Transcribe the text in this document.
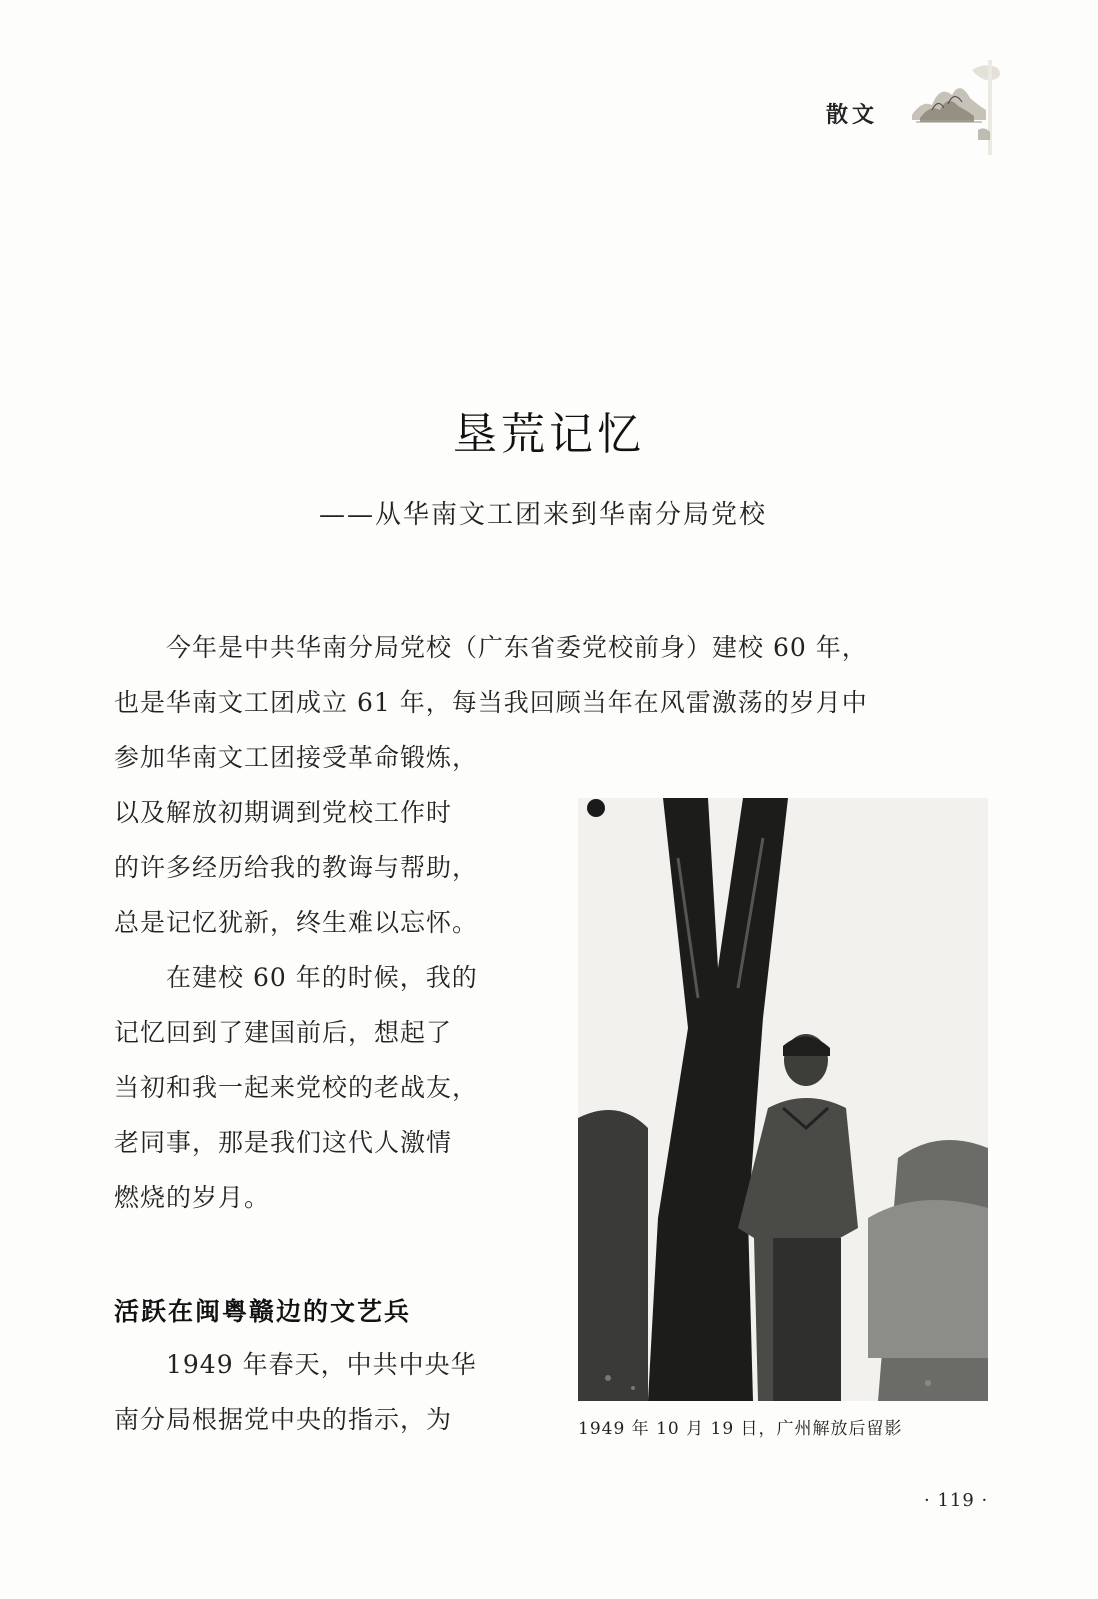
散文
垦荒记忆
——从华南文工团来到华南分局党校
今年是中共华南分局党校（广东省委党校前身）建校 60 年，
也是华南文工团成立 61 年，每当我回顾当年在风雷激荡的岁月中
参加华南文工团接受革命锻炼，
以及解放初期调到党校工作时
的许多经历给我的教诲与帮助，
总是记忆犹新，终生难以忘怀。
在建校 60 年的时候，我的
记忆回到了建国前后，想起了
当初和我一起来党校的老战友，
老同事，那是我们这代人激情
燃烧的岁月。
活跃在闽粤赣边的文艺兵
1949 年春天，中共中央华
南分局根据党中央的指示，为	1949 年 10 月 19 日，广州解放后留影
· 119 ·
